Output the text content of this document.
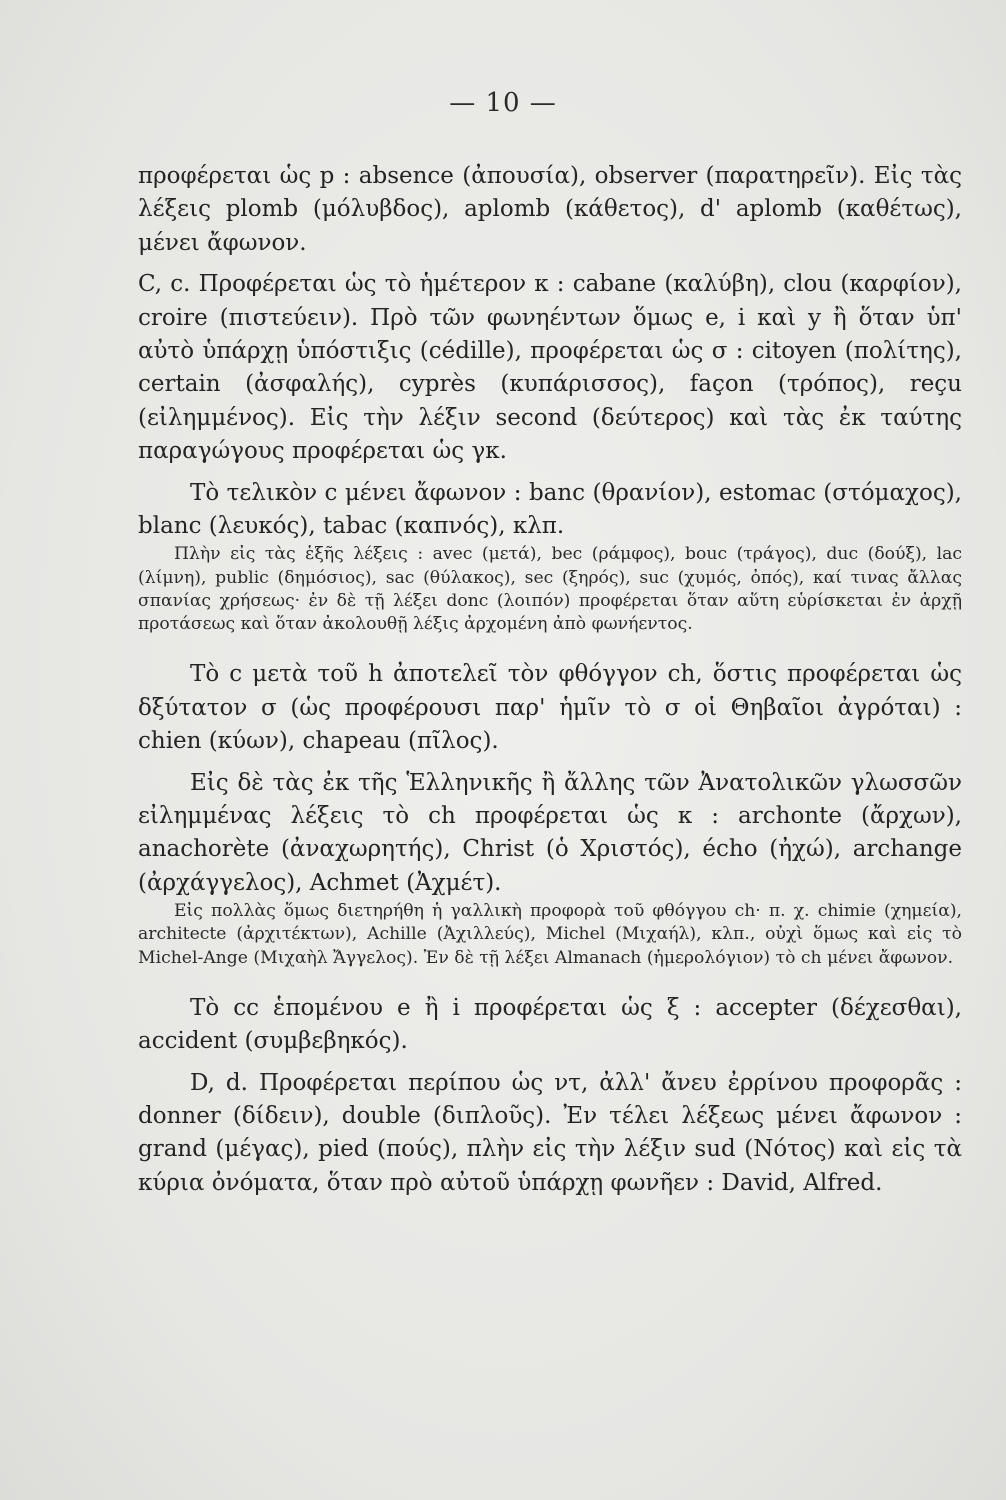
— 10 —

προφέρεται ὡς p : absence (ἀπουσία), observer (παρατηρεῖν). Εἰς τὰς λέξεις plomb (μόλυβδος), aplomb (κάθετος), d' aplomb (καθέτως), μένει ἄφωνον.

C, c. Προφέρεται ὡς τὸ ἡμέτερον κ : cabane (καλύβη), clou (καρφίον), croire (πιστεύειν). Πρὸ τῶν φωνηέντων ὅμως e, i καὶ y ἢ ὅταν ὑπ' αὐτὸ ὑπάρχῃ ὑπόστιξις (cédille), προφέρεται ὡς σ : citoyen (πολίτης), certain (ἀσφαλής), cyprès (κυπάρισσος), façon (τρόπος), reçu (εἰλημμένος). Εἰς τὴν λέξιν second (δεύτερος) καὶ τὰς ἐκ ταύτης παραγώγους προφέρεται ὡς γκ.

Τὸ τελικὸν c μένει ἄφωνον : banc (θρανίον), estomac (στόμαχος), blanc (λευκός), tabac (καπνός), κλπ.

Πλὴν εἰς τὰς ἑξῆς λέξεις : avec (μετά), bec (ράμφος), bouc (τράγος), duc (δούξ), lac (λίμνη), public (δημόσιος), sac (θύλακος), sec (ξηρός), suc (χυμός, ὀπός), καί τινας ἄλλας σπανίας χρήσεως· ἐν δὲ τῇ λέξει donc (λοιπόν) προφέρεται ὅταν αὕτη εὑρίσκεται ἐν ἀρχῇ προτάσεως καὶ ὅταν ἀκολουθῇ λέξις ἀρχομένη ἀπὸ φωνήεντος.

Τὸ c μετὰ τοῦ h ἀποτελεῖ τὸν φθόγγον ch, ὅστις προφέρεται ὡς δξύτατον σ (ὡς προφέρουσι παρ' ἡμῖν τὸ σ οἱ Θηβαῖοι ἀγρόται) : chien (κύων), chapeau (πῖλος).

Εἰς δὲ τὰς ἐκ τῆς Ἑλληνικῆς ἢ ἄλλης τῶν Ἀνατολικῶν γλωσσῶν εἰλημμένας λέξεις τὸ ch προφέρεται ὡς κ : archonte (ἄρχων), anachorète (ἀναχωρητής), Christ (ὁ Χριστός), écho (ἠχώ), archange (ἀρχάγγελος), Achmet (Ἀχμέτ).

Εἰς πολλὰς ὅμως διετηρήθη ἡ γαλλικὴ προφορὰ τοῦ φθόγγου ch· π. χ. chimie (χημεία), architecte (ἀρχιτέκτων), Achille (Ἀχιλλεύς), Michel (Μιχαήλ), κλπ., οὐχὶ ὅμως καὶ εἰς τὸ Michel-Ange (Μιχαὴλ Ἄγγελος). Ἐν δὲ τῇ λέξει Almanach (ἡμερολόγιον) τὸ ch μένει ἄφωνον.

Τὸ cc ἑπομένου e ἢ i προφέρεται ὡς ξ : accepter (δέχεσθαι), accident (συμβεβηκός).

D, d. Προφέρεται περίπου ὡς ντ, ἀλλ' ἄνευ ἐρρίνου προφορᾶς : donner (δίδειν), double (διπλοῦς). Ἐν τέλει λέξεως μένει ἄφωνον : grand (μέγας), pied (πούς), πλὴν εἰς τὴν λέξιν sud (Νότος) καὶ εἰς τὰ κύρια ὀνόματα, ὅταν πρὸ αὐτοῦ ὑπάρχῃ φωνῆεν : David, Alfred.
